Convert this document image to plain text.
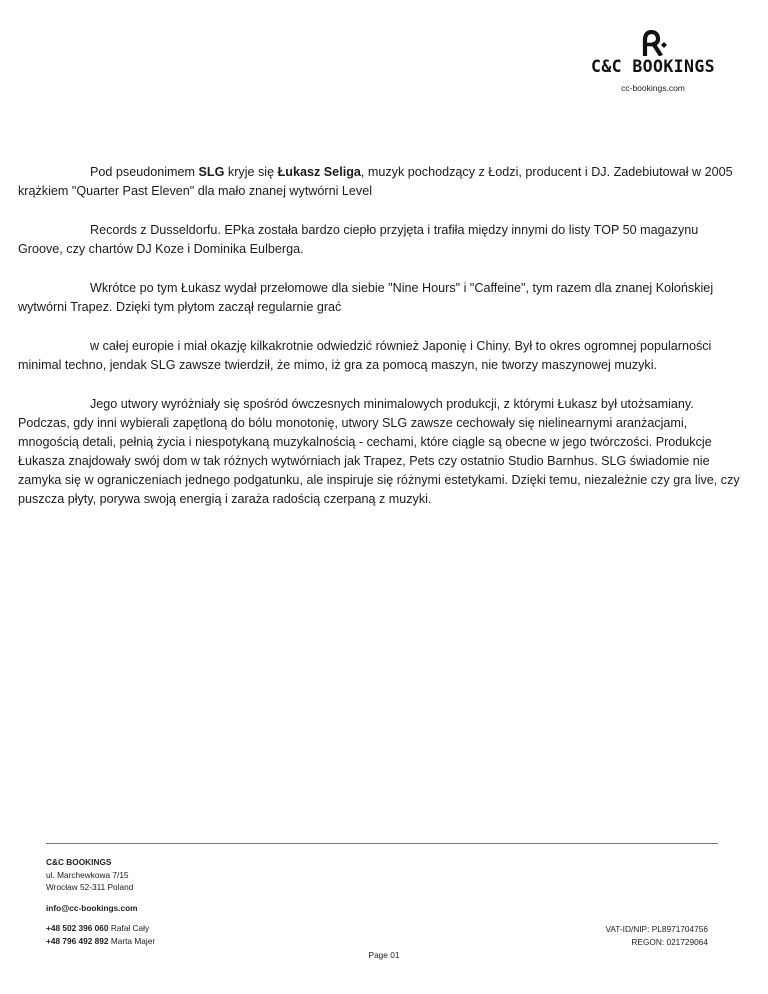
C&C BOOKINGS
cc-bookings.com

Pod pseudonimem SLG kryje się Łukasz Seliga, muzyk pochodzący z Łodzi, producent i DJ. Zadebiutował w 2005 krążkiem "Quarter Past Eleven" dla mało znanej wytwórni Level

Records z Dusseldorfu. EPka została bardzo ciepło przyjęta i trafiła między innymi do listy TOP 50 magazynu Groove, czy chartów DJ Koze i Dominika Eulberga.

Wkrótce po tym Łukasz wydał przełomowe dla siebie "Nine Hours" i "Caffeine", tym razem dla znanej Kolońskiej wytwórni Trapez. Dzięki tym płytom zaczął regularnie grać

w całej europie i miał okazję kilkakrotnie odwiedzić również Japonię i Chiny. Był to okres ogromnej popularności minimal techno, jendak SLG zawsze twierdził, że mimo, iż gra za pomocą maszyn, nie tworzy maszynowej muzyki.

Jego utwory wyróżniały się spośród ówczesnych minimalowych produkcji, z którymi Łukasz był utożsamiany. Podczas, gdy inni wybierali zapętloną do bólu monotonię, utwory SLG zawsze cechowały się nielinearnymi aranżacjami, mnogością detali, pełnią życia i niespotykaną muzykalnością - cechami, które ciągle są obecne w jego twórczości. Produkcje Łukasza znajdowały swój dom w tak różnych wytwórniach jak Trapez, Pets czy ostatnio Studio Barnhus. SLG świadomie nie zamyka się w ograniczeniach jednego podgatunku, ale inspiruje się różnymi estetykami. Dzięki temu, niezależnie czy gra live, czy puszcza płyty, porywa swoją energią i zaraża radością czerpaną z muzyki.

C&C BOOKINGS
ul. Marchewkowa 7/15
Wrocław 52-311 Poland
info@cc-bookings.com
+48 502 396 060 Rafał Cały
+48 796 492 892 Marta Majer
VAT-ID/NIP: PL8971704756
REGON: 021729064
Page 01
